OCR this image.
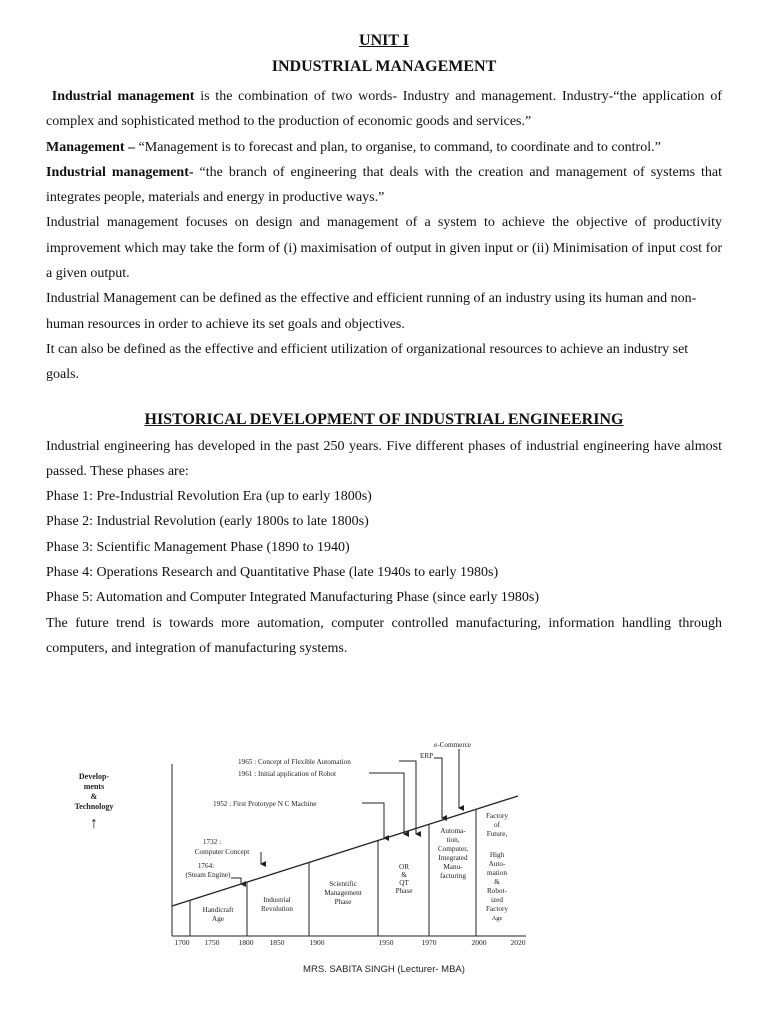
UNIT I
INDUSTRIAL MANAGEMENT

Industrial management is the combination of two words- Industry and management. Industry-“the application of complex and sophisticated method to the production of economic goods and services.”

Management – “Management is to forecast and plan, to organise, to command, to coordinate and to control.”

Industrial management- “the branch of engineering that deals with the creation and management of systems that integrates people, materials and energy in productive ways.”

Industrial management focuses on design and management of a system to achieve the objective of productivity improvement which may take the form of (i) maximisation of output in given input or (ii) Minimisation of input cost for a given output.

Industrial Management can be defined as the effective and efficient running of an industry using its human and non-human resources in order to achieve its set goals and objectives.

It can also be defined as the effective and efficient utilization of organizational resources to achieve an industry set goals.

HISTORICAL DEVELOPMENT OF INDUSTRIAL ENGINEERING

Industrial engineering has developed in the past 250 years. Five different phases of industrial engineering have almost passed. These phases are:

Phase 1: Pre-Industrial Revolution Era (up to early 1800s)

Phase 2: Industrial Revolution (early 1800s to late 1800s)

Phase 3: Scientific Management Phase (1890 to 1940)

Phase 4: Operations Research and Quantitative Phase (late 1940s to early 1980s)

Phase 5: Automation and Computer Integrated Manufacturing Phase (since early 1980s)

The future trend is towards more automation, computer controlled manufacturing, information handling through computers, and integration of manufacturing systems.

Develop-
ments
&
Technology
↑
Handicraft
Age
Industrial
Revolution
Scientific
Management
Phase
OR
&
QT
Phase
Automa-
tion,
Computer,
Integrated
Manu-
facturing
Factory
of
Future,
High
Auto-
mation
&
Robot-
ized
Factory
1965 : Concept of Flexible Automation
1961 : Initial application of Robot
1952 : First Prototype N C Machine
e-Commerce
ERP
1732 :
Computer Concept
1764:
(Steam Engine)
1700 1750	1800 1850	1900	1950	1970	2000	2020
Age
MRS. SABITA SINGH (Lecturer- MBA)
